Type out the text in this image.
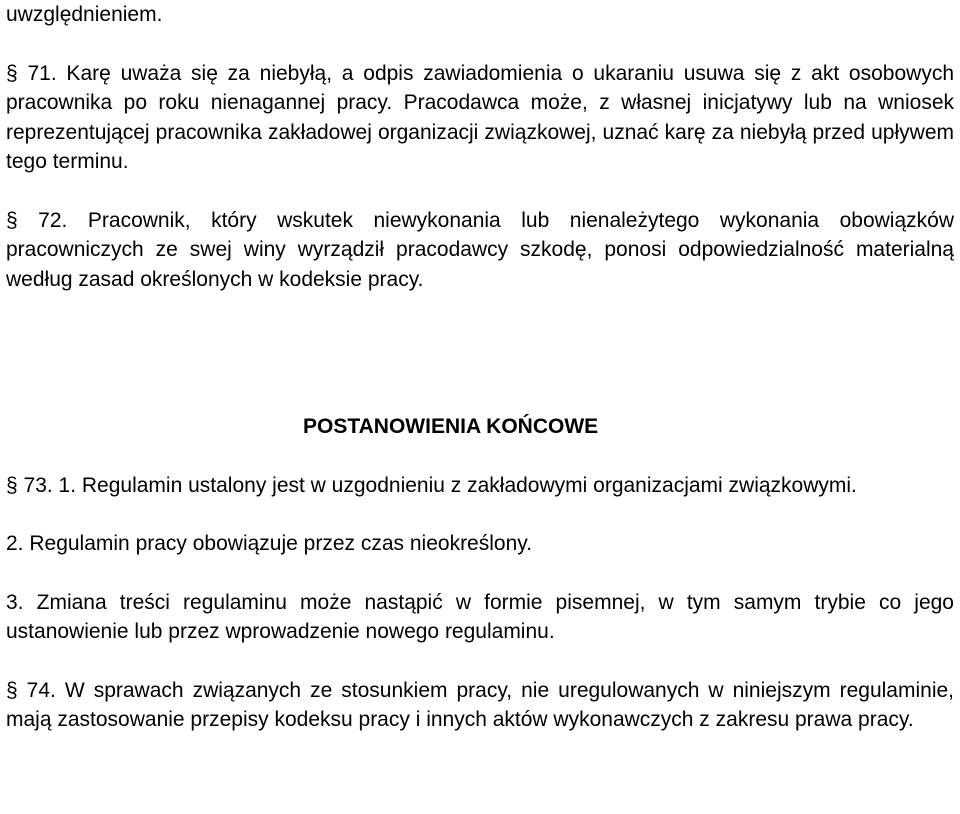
uwzględnieniem.

§ 71. Karę uważa się za niebyłą, a odpis zawiadomienia o ukaraniu usuwa się z akt osobowych pracownika po roku nienagannej pracy. Pracodawca może, z własnej inicjatywy lub na wniosek reprezentującej pracownika zakładowej organizacji związkowej, uznać karę za niebyłą przed upływem tego terminu.

§ 72. Pracownik, który wskutek niewykonania lub nienależytego wykonania obowiązków pracowniczych ze swej winy wyrządził pracodawcy szkodę, ponosi odpowiedzialność materialną według zasad określonych w kodeksie pracy.

POSTANOWIENIA KOŃCOWE

§ 73. 1. Regulamin ustalony jest w uzgodnieniu z zakładowymi organizacjami związkowymi.

2. Regulamin pracy obowiązuje przez czas nieokreślony.

3. Zmiana treści regulaminu może nastąpić w formie pisemnej, w tym samym trybie co jego ustanowienie lub przez wprowadzenie nowego regulaminu.

§ 74. W sprawach związanych ze stosunkiem pracy, nie uregulowanych w niniejszym regulaminie, mają zastosowanie przepisy kodeksu pracy i innych aktów wykonawczych z zakresu prawa pracy.
